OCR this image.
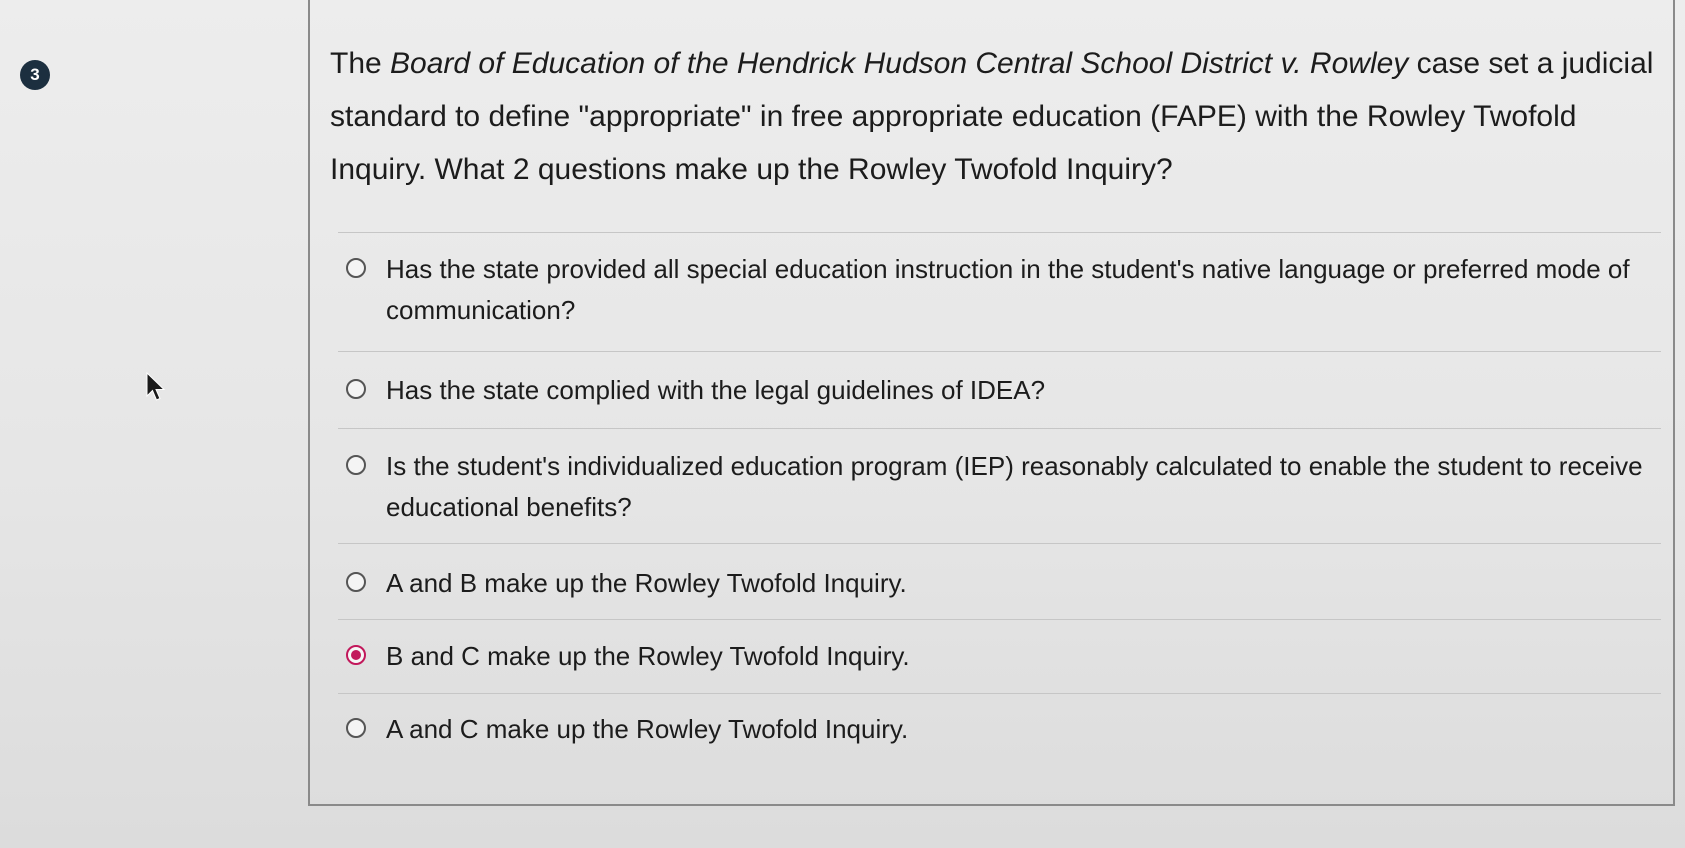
3	The Board of Education of the Hendrick Hudson Central School District v. Rowley case set a judicial standard to define "appropriate" in free appropriate education (FAPE) with the Rowley Twofold Inquiry. What 2 questions make up the Rowley Twofold Inquiry?
Has the state provided all special education instruction in the student's native language or preferred mode of communication?
Has the state complied with the legal guidelines of IDEA?
Is the student's individualized education program (IEP) reasonably calculated to enable the student to receive educational benefits?
A and B make up the Rowley Twofold Inquiry.
B and C make up the Rowley Twofold Inquiry.
A and C make up the Rowley Twofold Inquiry.
